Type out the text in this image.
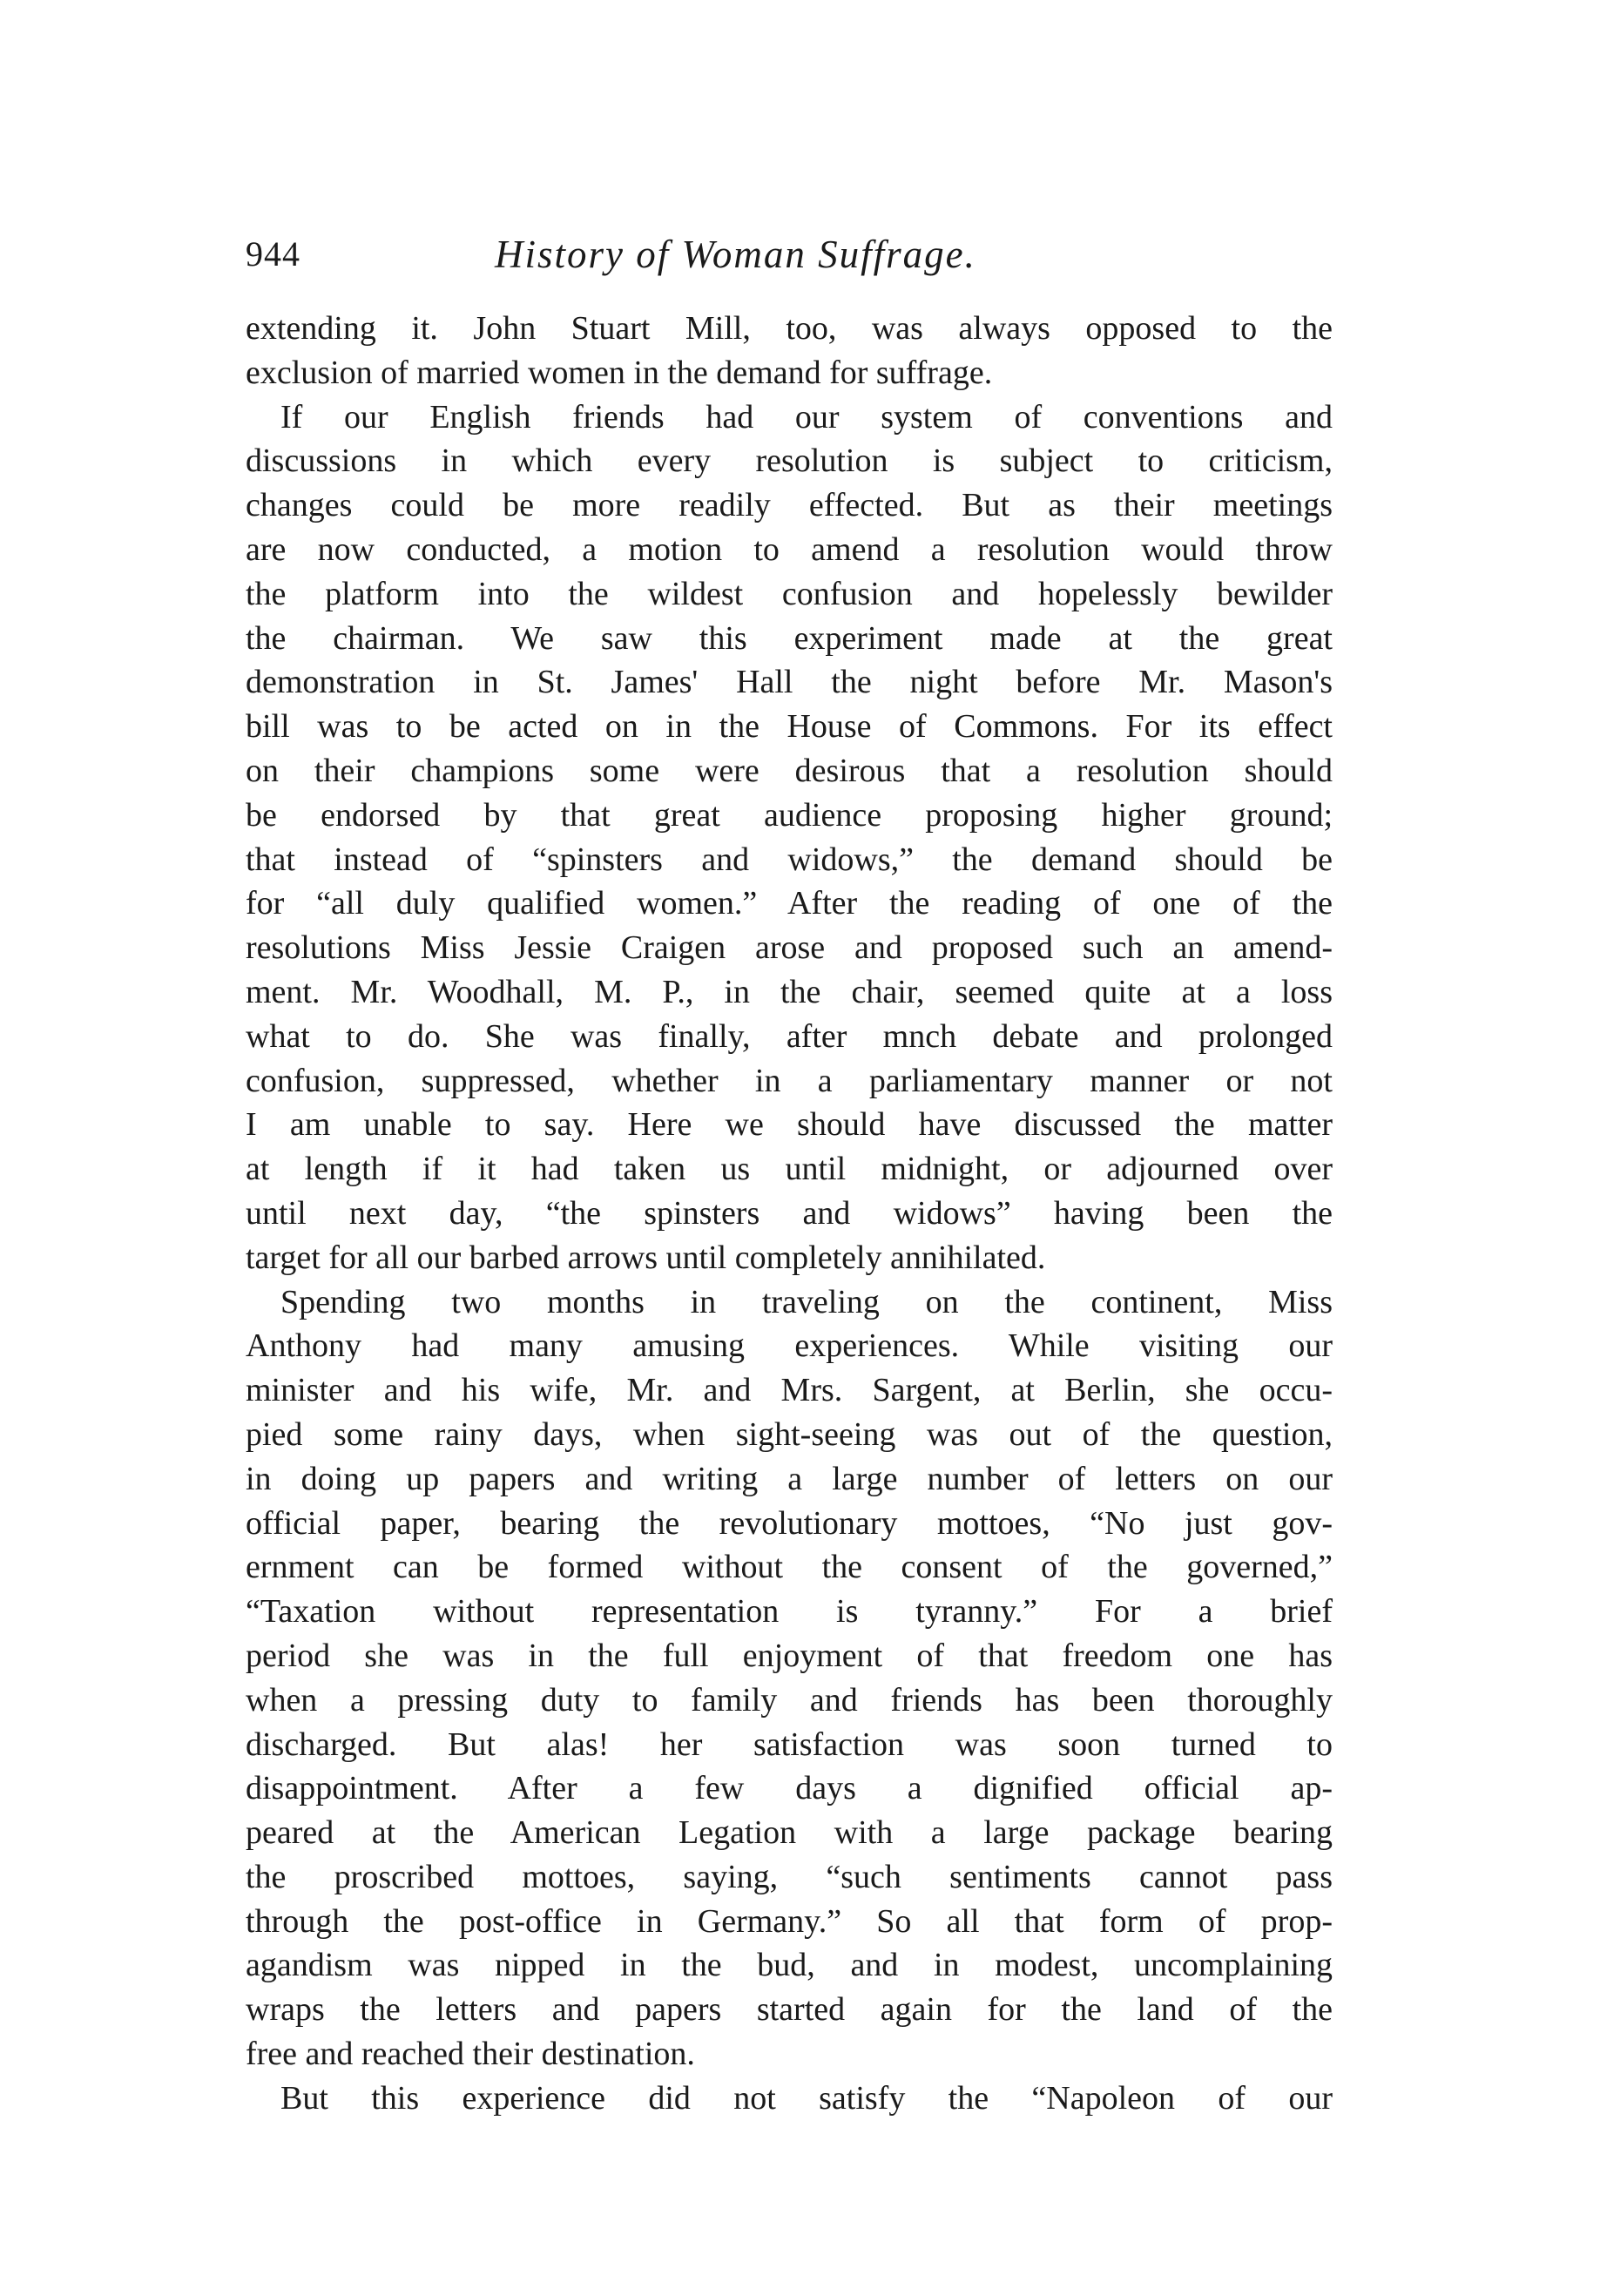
944	History of Woman Suffrage.
extending it. John Stuart Mill, too, was always opposed to the
exclusion of married women in the demand for suffrage.
If our English friends had our system of conventions and
discussions in which every resolution is subject to criticism,
changes could be more readily effected. But as their meetings
are now conducted, a motion to amend a resolution would throw
the platform into the wildest confusion and hopelessly bewilder
the chairman. We saw this experiment made at the great
demonstration in St. James' Hall the night before Mr. Mason's
bill was to be acted on in the House of Commons. For its effect
on their champions some were desirous that a resolution should
be endorsed by that great audience proposing higher ground;
that instead of “spinsters and widows,” the demand should be
for “all duly qualified women.” After the reading of one of the
resolutions Miss Jessie Craigen arose and proposed such an amend-
ment. Mr. Woodhall, M. P., in the chair, seemed quite at a loss
what to do. She was finally, after mnch debate and prolonged
confusion, suppressed, whether in a parliamentary manner or not
I am unable to say. Here we should have discussed the matter
at length if it had taken us until midnight, or adjourned over
until next day, “the spinsters and widows” having been the
target for all our barbed arrows until completely annihilated.
Spending two months in traveling on the continent, Miss
Anthony had many amusing experiences. While visiting our
minister and his wife, Mr. and Mrs. Sargent, at Berlin, she occu-
pied some rainy days, when sight-seeing was out of the question,
in doing up papers and writing a large number of letters on our
official paper, bearing the revolutionary mottoes, “No just gov-
ernment can be formed without the consent of the governed,”
“Taxation without representation is tyranny.” For a brief
period she was in the full enjoyment of that freedom one has
when a pressing duty to family and friends has been thoroughly
discharged. But alas! her satisfaction was soon turned to
disappointment. After a few days a dignified official ap-
peared at the American Legation with a large package bearing
the proscribed mottoes, saying, “such sentiments cannot pass
through the post-office in Germany.” So all that form of prop-
agandism was nipped in the bud, and in modest, uncomplaining
wraps the letters and papers started again for the land of the
free and reached their destination.
But this experience did not satisfy the “Napoleon of our
